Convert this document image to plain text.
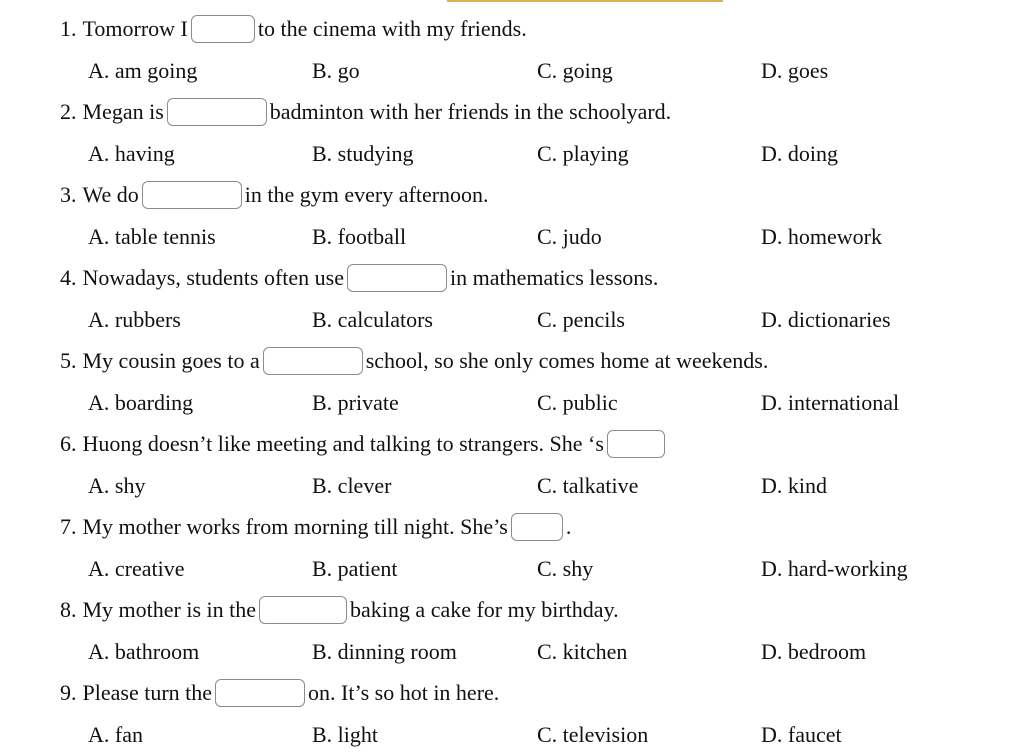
1. Tomorrow I	to the cinema with my friends.
A. am going	B. go	C. going	D. goes
2. Megan is	badminton with her friends in the schoolyard.
A. having	B. studying	C. playing	D. doing
3. We do	in the gym every afternoon.
A. table tennis	B. football	C. judo	D. homework
4. Nowadays, students often use	in mathematics lessons.
A. rubbers	B. calculators	C. pencils	D. dictionaries
5. My cousin goes to a	school, so she only comes home at weekends.
A. boarding	B. private	C. public	D. international
6. Huong doesn’t like meeting and talking to strangers. She ‘s
A. shy	B. clever	C. talkative	D. kind
7. My mother works from morning till night. She’s	.
A. creative	B. patient	C. shy	D. hard-working
8. My mother is in the	baking a cake for my birthday.
A. bathroom	B. dinning room	C. kitchen	D. bedroom
9. Please turn the	on. It’s so hot in here.
A. fan	B. light	C. television	D. faucet
